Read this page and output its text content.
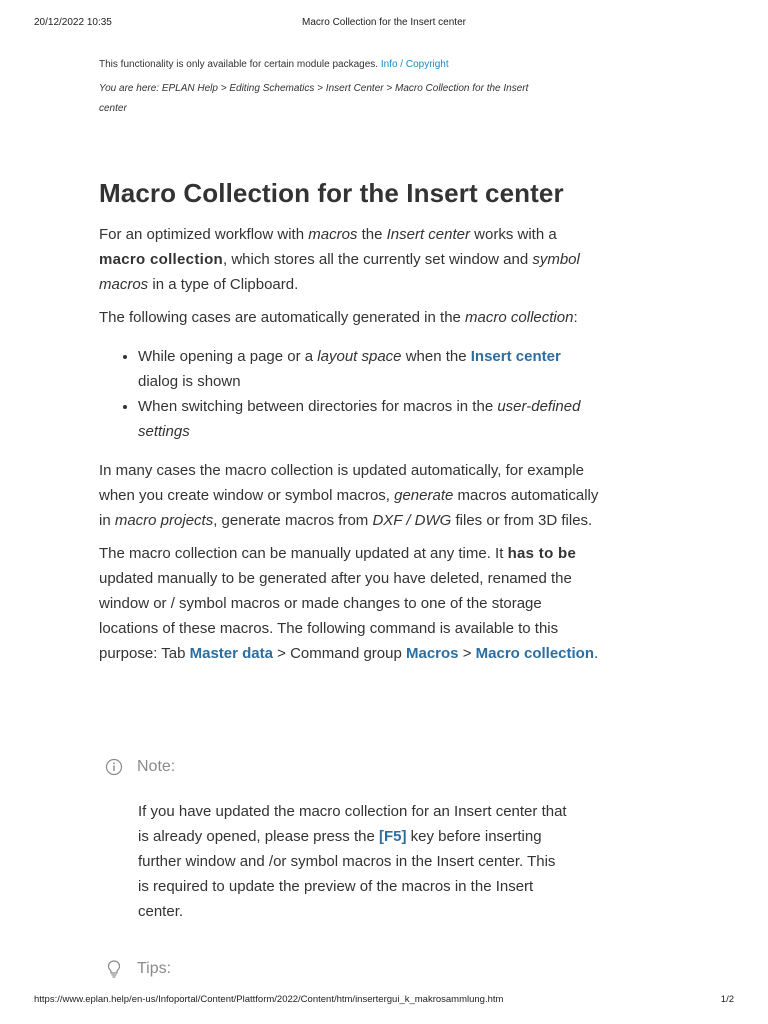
20/12/2022 10:35	Macro Collection for the Insert center

This functionality is only available for certain module packages. Info / Copyright

You are here: EPLAN Help > Editing Schematics > Insert Center > Macro Collection for the Insert center
Macro Collection for the Insert center

For an optimized workflow with macros the Insert center works with a macro collection, which stores all the currently set window and symbol macros in a type of Clipboard.

The following cases are automatically generated in the macro collection:

• While opening a page or a layout space when the Insert center dialog is shown
• When switching between directories for macros in the user-defined settings

In many cases the macro collection is updated automatically, for example when you create window or symbol macros, generate macros automatically in macro projects, generate macros from DXF / DWG files or from 3D files.

The macro collection can be manually updated at any time. It has to be updated manually to be generated after you have deleted, renamed the window or / symbol macros or made changes to one of the storage locations of these macros. The following command is available to this purpose: Tab Master data > Command group Macros > Macro collection.

Note:

If you have updated the macro collection for an Insert center that is already opened, please press the [F5] key before inserting further window and /or symbol macros in the Insert center. This is required to update the preview of the macros in the Insert center.

Tips:
https://www.eplan.help/en-us/Infoportal/Content/Plattform/2022/Content/htm/insertergui_k_makrosammlung.htm	1/2
